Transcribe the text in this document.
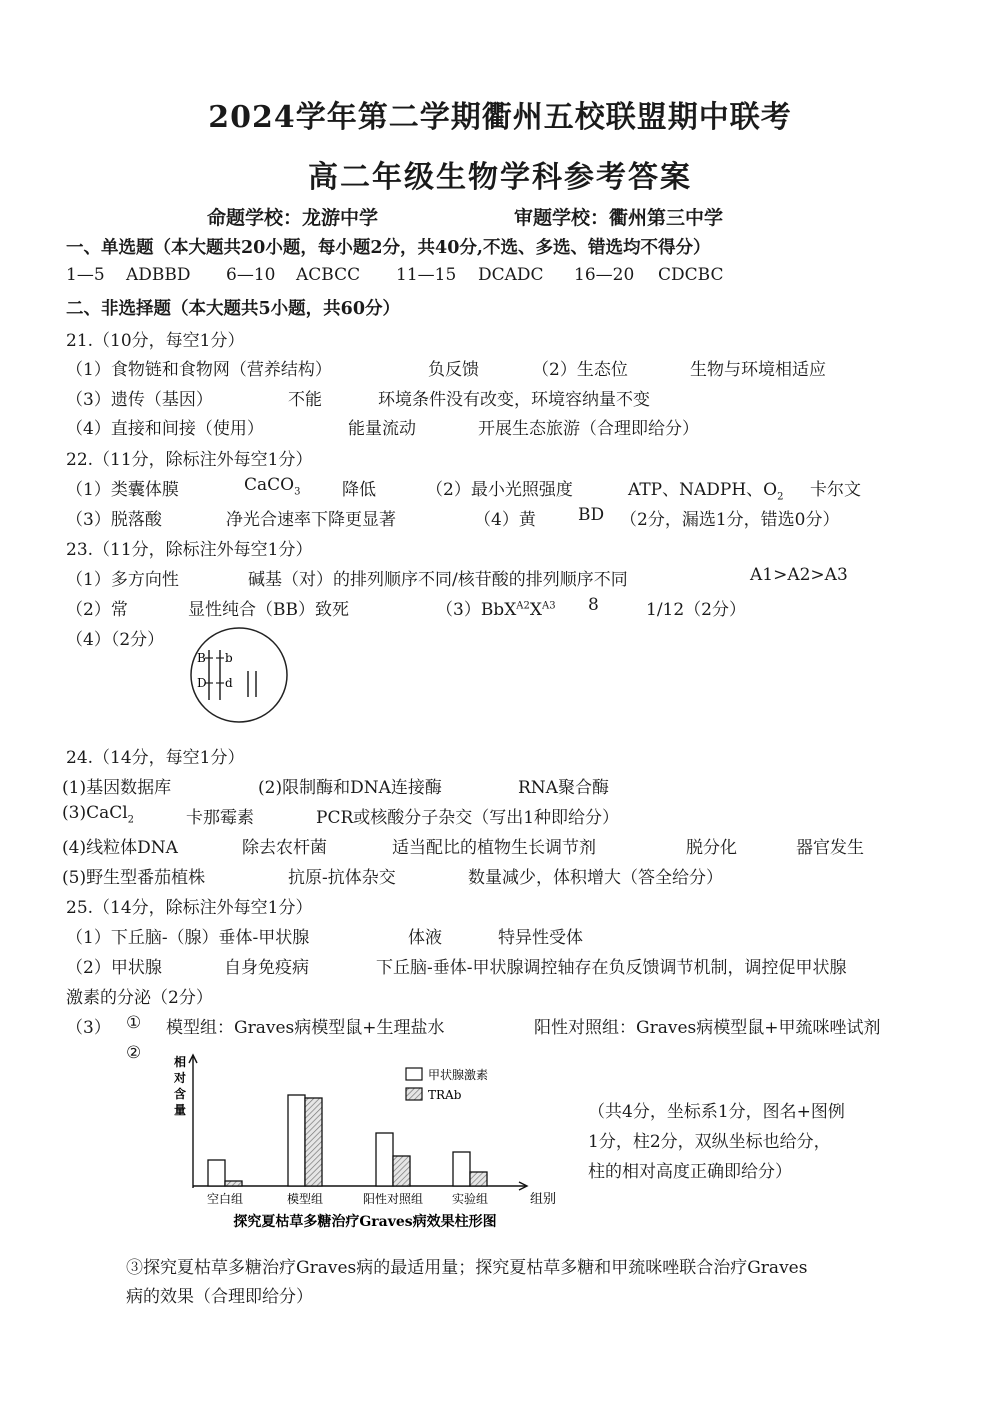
2024学年第二学期衢州五校联盟期中联考
高二年级生物学科参考答案
命题学校：龙游中学	审题学校：衢州第三中学
一、单选题（本大题共20小题，每小题2分，共40分,不选、多选、错选均不得分）
1—5 ADBBD 6—10 ACBCC 11—15 DCADC 16—20 CDCBC
二、非选择题（本大题共5小题，共60分）
21.（10分，每空1分）
（1）食物链和食物网（营养结构）	负反馈	（2）生态位	生物与环境相适应
（3）遗传（基因）	不能	环境条件没有改变，环境容纳量不变
（4）直接和间接（使用）	能量流动	开展生态旅游（合理即给分）
22.（11分，除标注外每空1分）
（1）类囊体膜	CaCO$_3$ 降低	（2）最小光照强度	ATP、NADPH、$O_2$ 卡尔文
（3）脱落酸	净光合速率下降更显著	（4）黄 BD （2分，漏选1分，错选0分）
23.（11分，除标注外每空1分）
（1）多方向性	碱基（对）的排列顺序不同/核苷酸的排列顺序不同	A1>A2>A3
（2）常	显性纯合（BB）致死	$(3)BbX^{A2}X^{A3}$ 8	1/12（2分）
（4）（2分）
B b
D d
24.（14分，每空1分）
(1)基因数据库	(2)限制酶和DNA连接酶	RNA聚合酶
(3)CaCl$_2$	卡那霉素	PCR或核酸分子杂交（写出1种即给分）
(4)线粒体DNA	除去农杆菌	适当配比的植物生长调节剂	脱分化	器官发生
(5)野生型番茄植株	抗原-抗体杂交	数量减少，体积增大（答全给分）
25.（14分，除标注外每空1分）
（1）下丘脑-（腺）垂体-甲状腺	体液	特异性受体
（2）甲状腺	自身免疫病	下丘脑-垂体-甲状腺调控轴存在负反馈调节机制，调控促甲状腺
激素的分泌（2分）
（3） ① 模型组：Graves病模型鼠+生理盐水	阳性对照组：Graves病模型鼠+甲巯咪唑试剂
②	相
对
含
量
组别
空白组	模型组	阳性对照组 实验组
甲状腺激素
TRAb
探究夏枯草多糖治疗Graves病效果柱形图
（共4分，坐标系1分，图名+图例
1分，柱2分，双纵坐标也给分，
柱的相对高度正确即给分）
③探究夏枯草多糖治疗Graves病的最适用量；探究夏枯草多糖和甲巯咪唑联合治疗Graves
病的效果（合理即给分）
